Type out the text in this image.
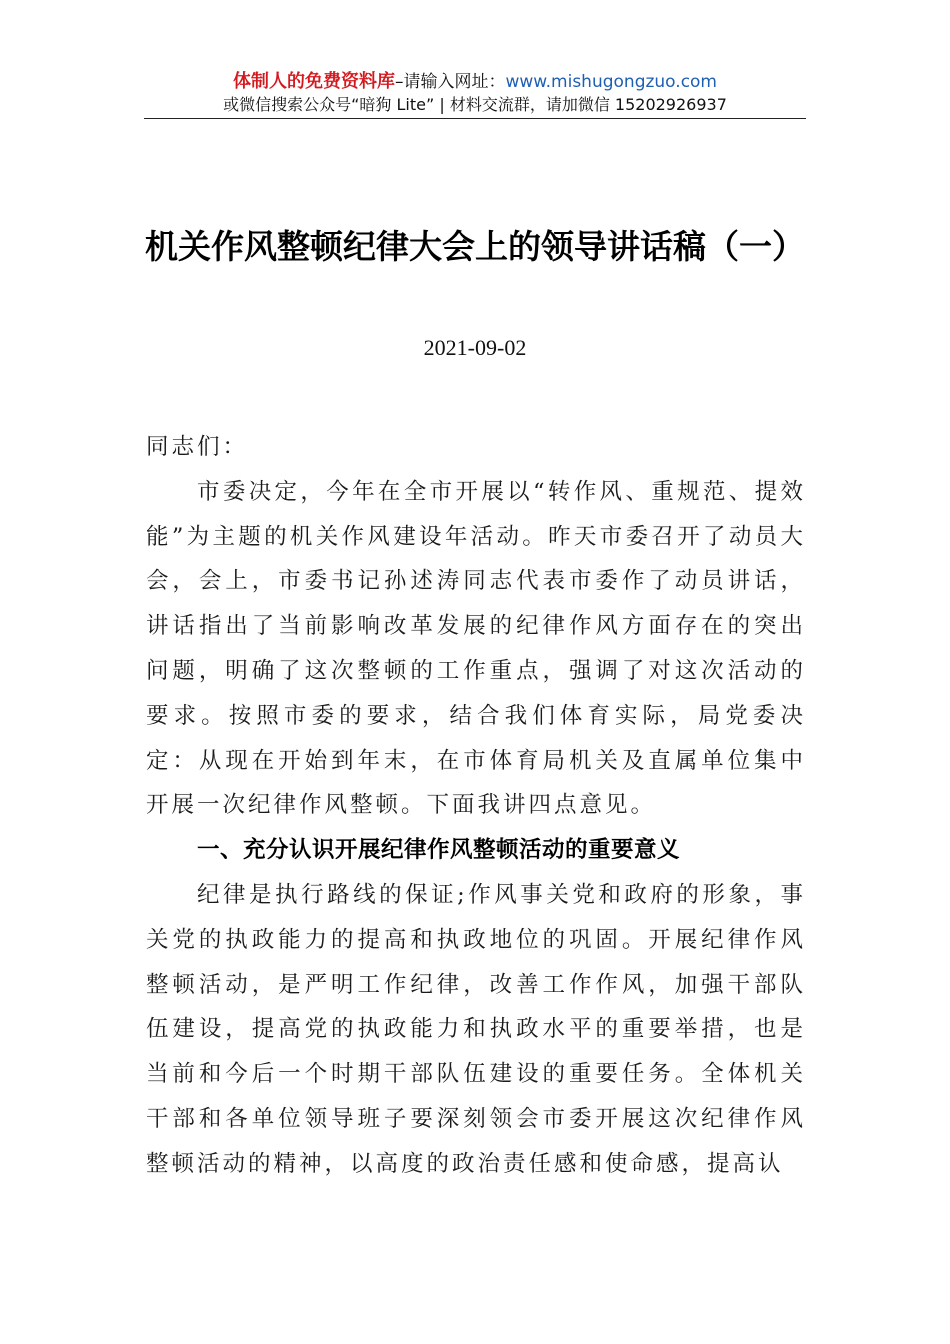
体制人的免费资料库–请输入网址：www.mishugongzuo.com
或微信搜索公众号“暗狗 Lite” | 材料交流群，请加微信 15202926937
机关作风整顿纪律大会上的领导讲话稿（一）
2021-09-02

同志们：

市委决定，今年在全市开展以“转作风、重规范、提效能”为主题的机关作风建设年活动。昨天市委召开了动员大会，会上，市委书记孙述涛同志代表市委作了动员讲话，讲话指出了当前影响改革发展的纪律作风方面存在的突出问题，明确了这次整顿的工作重点，强调了对这次活动的要求。按照市委的要求，结合我们体育实际，局党委决定：从现在开始到年末，在市体育局机关及直属单位集中开展一次纪律作风整顿。下面我讲四点意见。

一、充分认识开展纪律作风整顿活动的重要意义

纪律是执行路线的保证;作风事关党和政府的形象，事关党的执政能力的提高和执政地位的巩固。开展纪律作风整顿活动，是严明工作纪律，改善工作作风，加强干部队伍建设，提高党的执政能力和执政水平的重要举措，也是当前和今后一个时期干部队伍建设的重要任务。全体机关干部和各单位领导班子要深刻领会市委开展这次纪律作风整顿活动的精神，以高度的政治责任感和使命感，提高认
